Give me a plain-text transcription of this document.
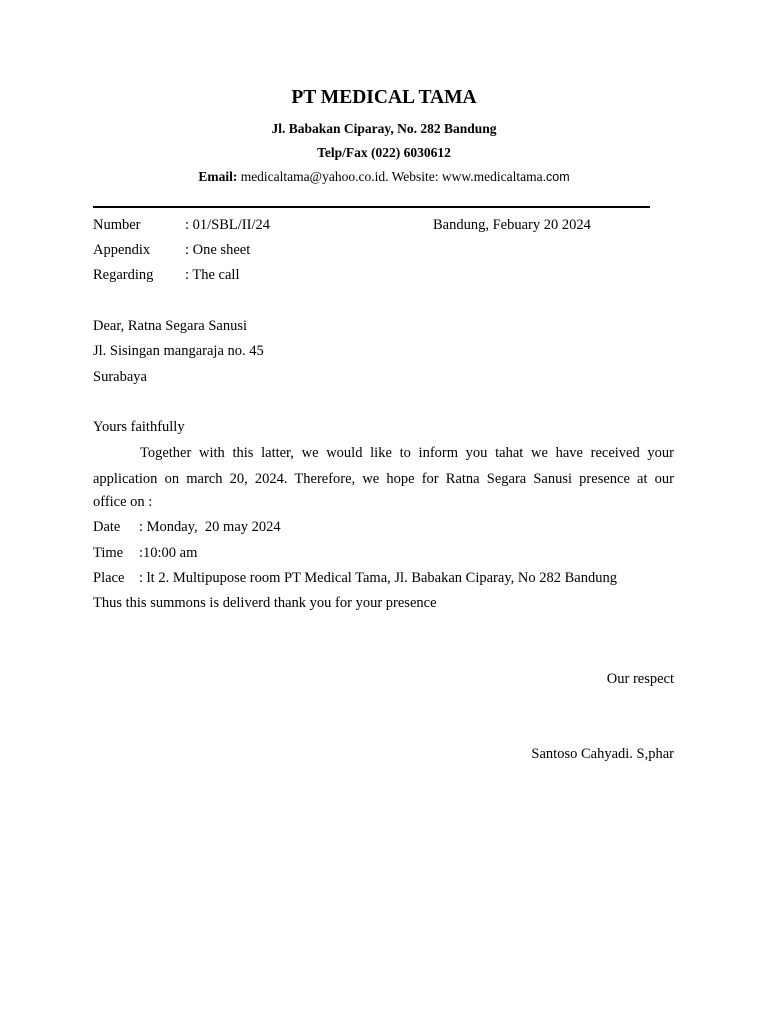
PT MEDICAL TAMA
Jl. Babakan Ciparay, No. 282 Bandung
Telp/Fax (022) 6030612
Email: medicaltama@yahoo.co.id. Website: www.medicaltama.com
Number	: 01/SBL/II/24	Bandung, Febuary 20 2024
Appendix : One sheet
Regarding : The call
Dear, Ratna Segara Sanusi
Jl. Sisingan mangaraja no. 45
Surabaya
Yours faithfully
Together with this latter, we would like to inform you tahat we have received your application on march 20, 2024. Therefore, we hope for Ratna Segara Sanusi presence at our
office on :
Date : Monday,  20 may 2024
Time :10:00 am
Place : lt 2. Multipupose room PT Medical Tama, Jl. Babakan Ciparay, No 282 Bandung
Thus this summons is deliverd thank you for your presence
Our respect
Santoso Cahyadi. S,phar
